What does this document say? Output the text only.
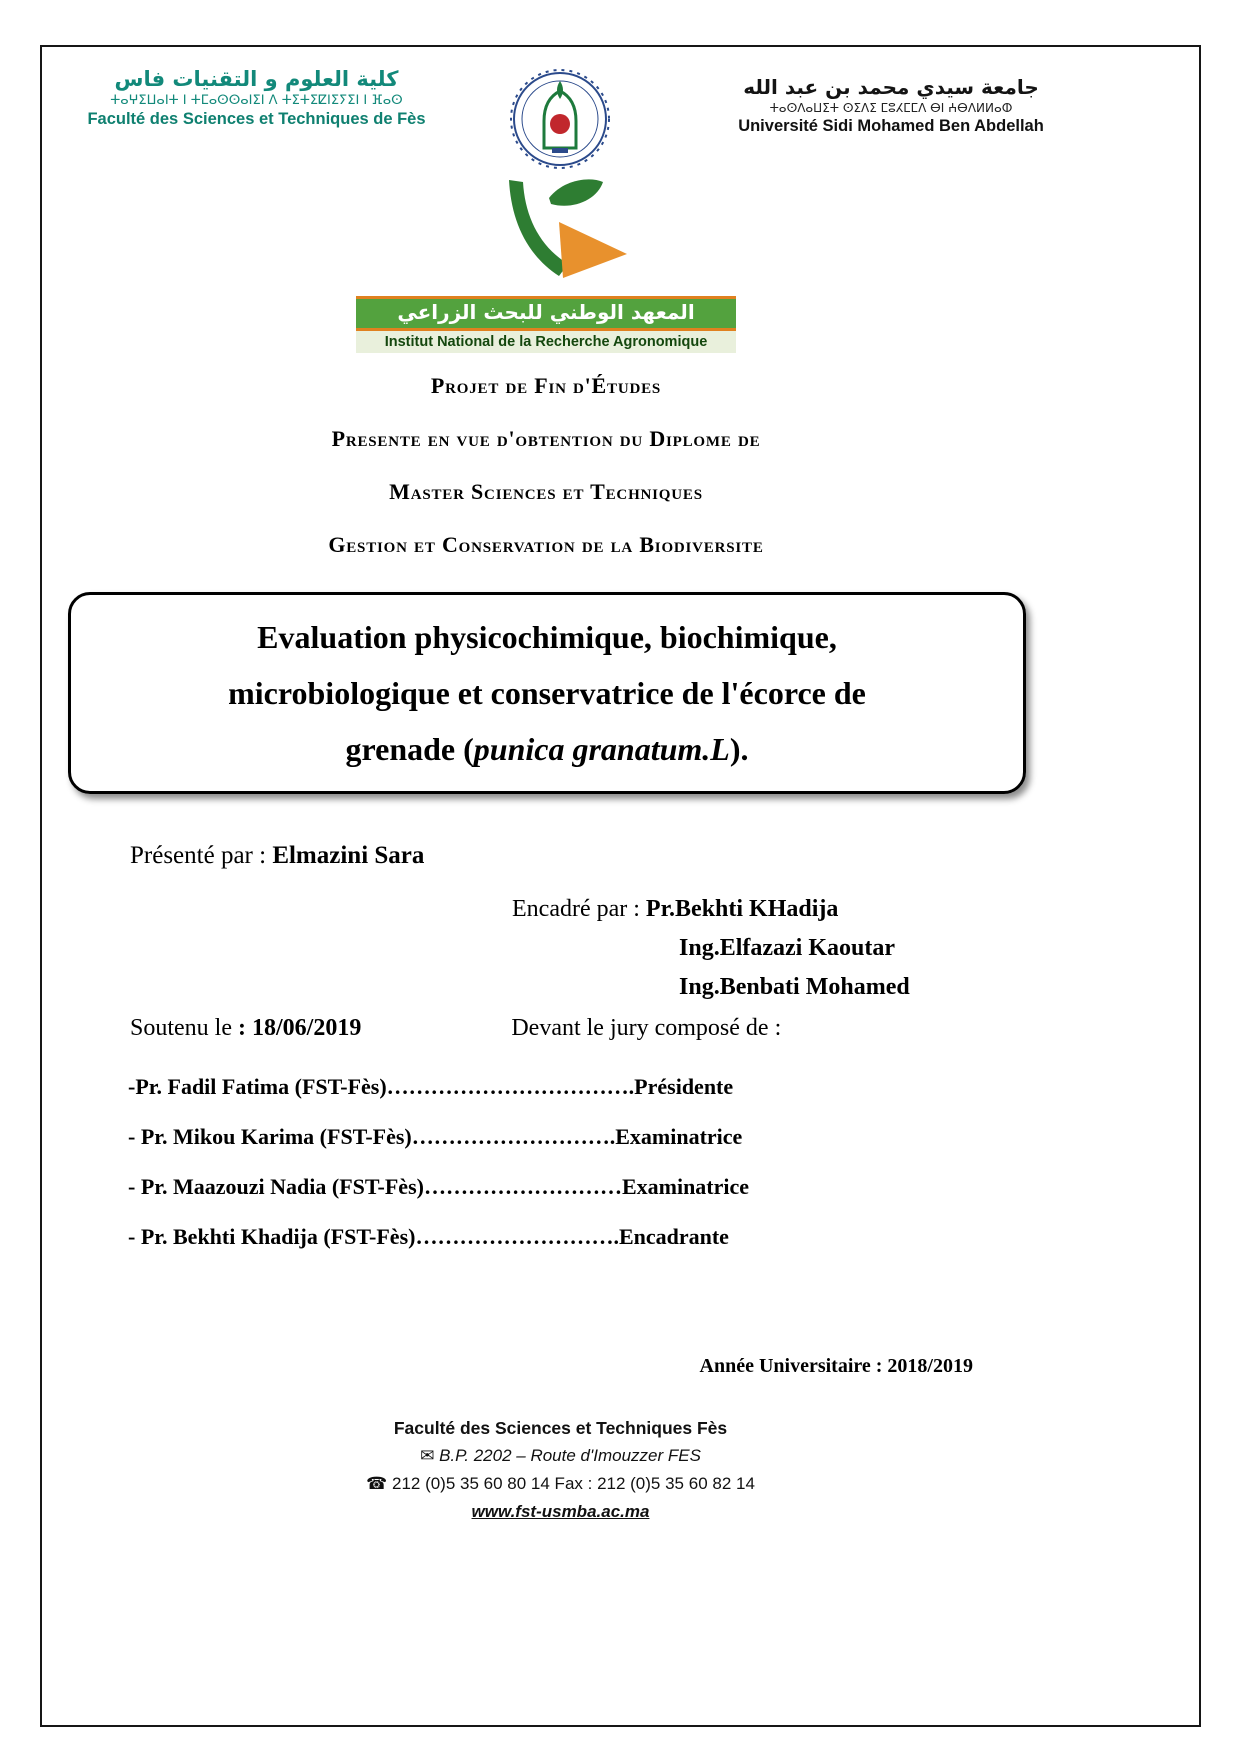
كلية العلوم و التقنيات فاس
ⵜⴰⵖⵉⵡⴰⵏⵜ ⵏ ⵜⵎⴰⵙⵙⴰⵏⵉⵏ ⴷ ⵜⵉⵜⵉⵇⵏⵉⵢⵉⵏ ⵏ ⴼⴰⵙ
Faculté des Sciences et Techniques de Fès
جامعة سيدي محمد بن عبد الله
ⵜⴰⵙⴷⴰⵡⵉⵜ ⵙⵉⴷⵉ ⵎⵓⵃⵎⵎⴷ ⴱⵏ ⵄⴱⴷⵍⵍⴰⵀ
Université Sidi Mohamed Ben Abdellah
المعهد الوطني للبحث الزراعي
Institut National de la Recherche Agronomique
Projet de Fin d'Études
Presente en vue d'obtention du Diplome de
Master Sciences et Techniques
Gestion et Conservation de la Biodiversite
Evaluation physicochimique, biochimique,
microbiologique et conservatrice de l'écorce de
grenade (punica granatum.L).
Présenté par : Elmazini Sara
Encadré par : Pr.Bekhti KHadija
Ing.Elfazazi Kaoutar
Ing.Benbati Mohamed
Soutenu le : 18/06/2019	Devant le jury composé de :
-Pr. Fadil Fatima (FST-Fès)…………………………….Présidente
- Pr. Mikou Karima (FST-Fès)……………………….Examinatrice
- Pr. Maazouzi Nadia (FST-Fès)………………………Examinatrice
- Pr. Bekhti Khadija (FST-Fès)……………………….Encadrante
Année Universitaire : 2018/2019
Faculté des Sciences et Techniques Fès
✉ B.P. 2202 – Route d'Imouzzer FES
☎ 212 (0)5 35 60 80 14 Fax : 212 (0)5 35 60 82 14
www.fst-usmba.ac.ma
